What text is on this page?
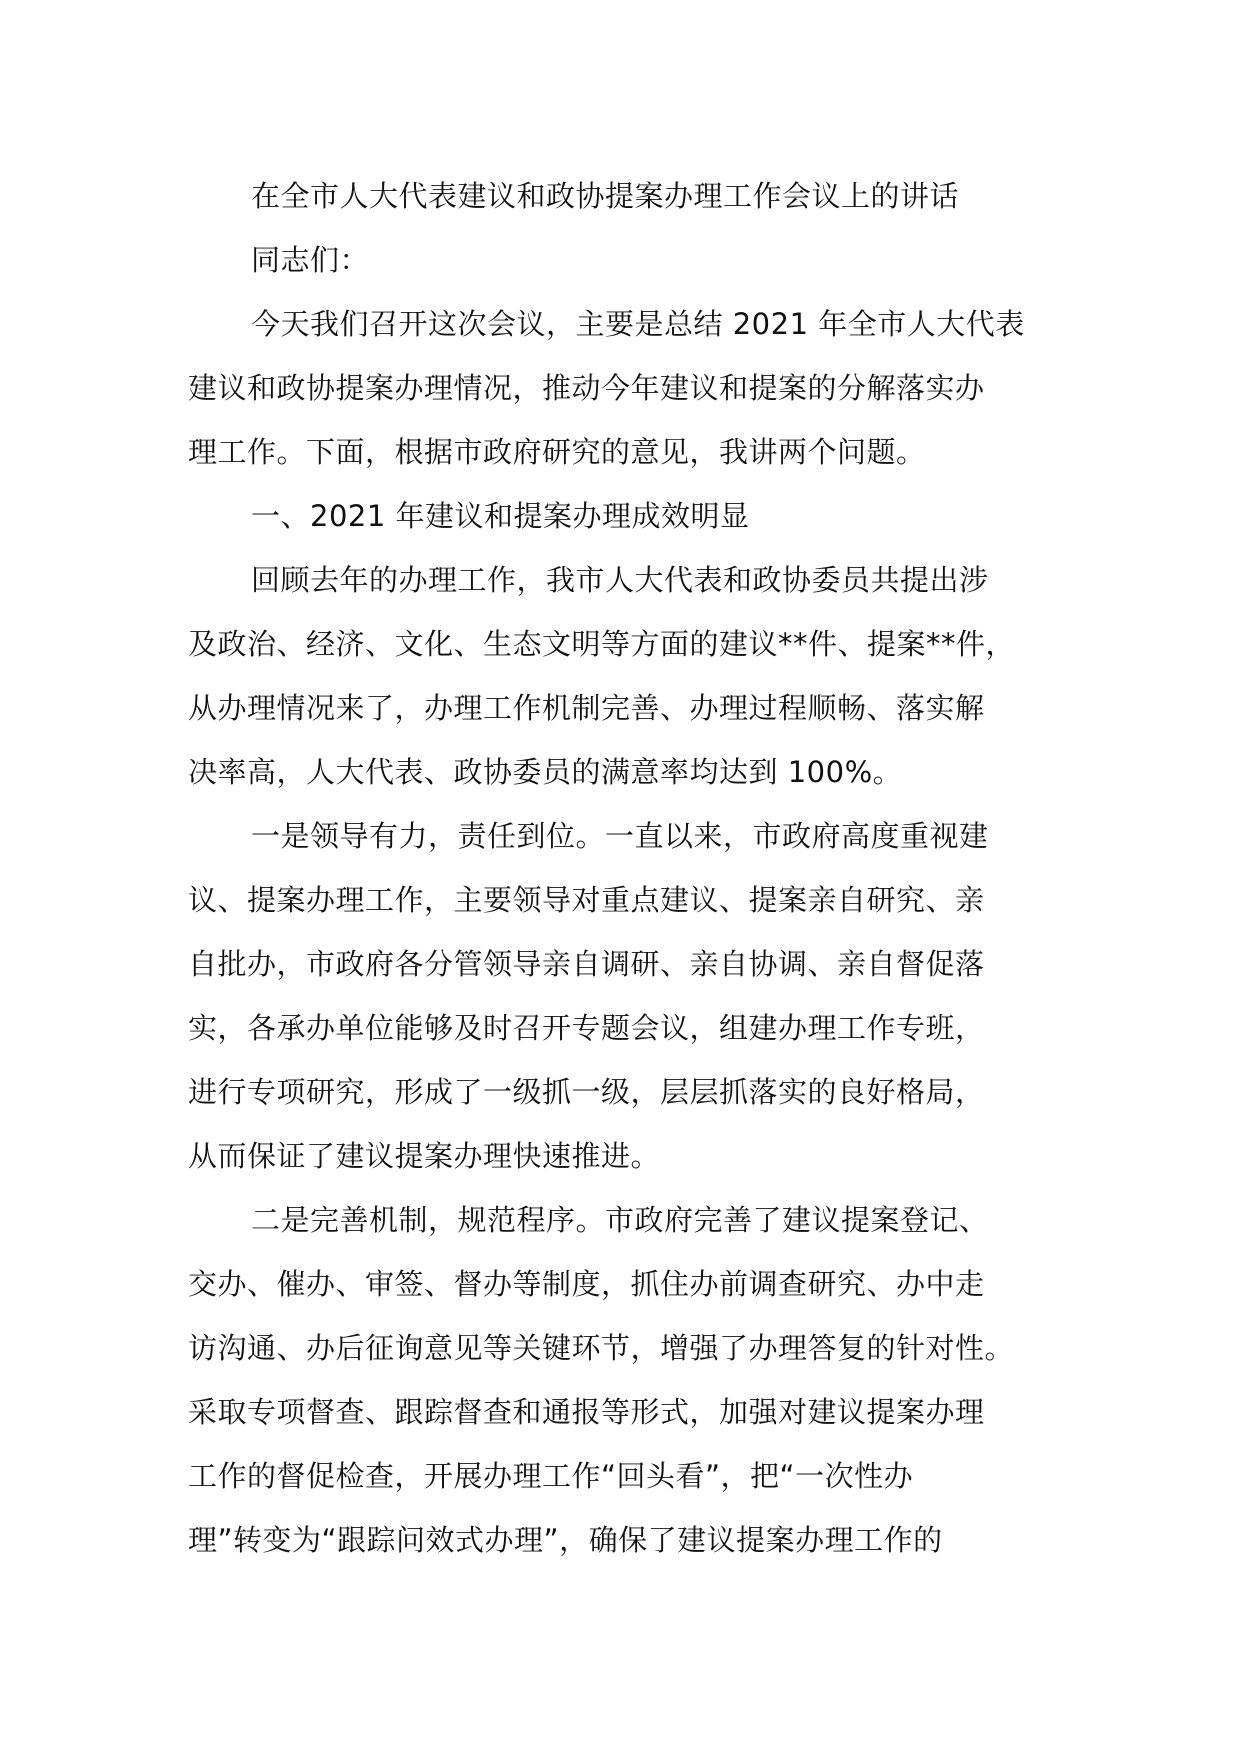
在全市人大代表建议和政协提案办理工作会议上的讲话
同志们：
今天我们召开这次会议，主要是总结 2021 年全市人大代表
建议和政协提案办理情况，推动今年建议和提案的分解落实办
理工作。下面，根据市政府研究的意见，我讲两个问题。
一、2021 年建议和提案办理成效明显
回顾去年的办理工作，我市人大代表和政协委员共提出涉
及政治、经济、文化、生态文明等方面的建议**件、提案**件，
从办理情况来了，办理工作机制完善、办理过程顺畅、落实解
决率高，人大代表、政协委员的满意率均达到 100%。
一是领导有力，责任到位。一直以来，市政府高度重视建
议、提案办理工作，主要领导对重点建议、提案亲自研究、亲
自批办，市政府各分管领导亲自调研、亲自协调、亲自督促落
实，各承办单位能够及时召开专题会议，组建办理工作专班，
进行专项研究，形成了一级抓一级，层层抓落实的良好格局，
从而保证了建议提案办理快速推进。
二是完善机制，规范程序。市政府完善了建议提案登记、
交办、催办、审签、督办等制度，抓住办前调查研究、办中走
访沟通、办后征询意见等关键环节，增强了办理答复的针对性。
采取专项督查、跟踪督查和通报等形式，加强对建议提案办理
工作的督促检查，开展办理工作“回头看”，把“一次性办
理”转变为“跟踪问效式办理”，确保了建议提案办理工作的
